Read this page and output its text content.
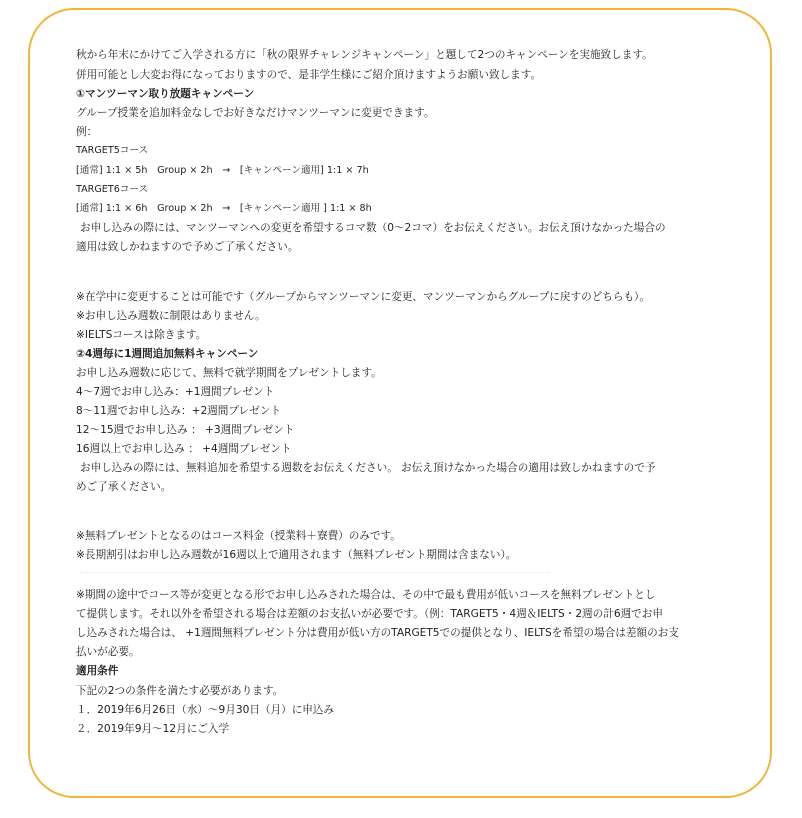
秋から年末にかけてご入学される方に「秋の限界チャレンジキャンペーン」と題して2つのキャンペーンを実施致します。
併用可能とし大変お得になっておりますので、是非学生様にご紹介頂けますようお願い致します。
①マンツーマン取り放題キャンペーン
グループ授業を追加料金なしでお好きなだけマンツーマンに変更できます。
例：
TARGET5コース
[通常] 1:1 × 5h　Group × 2h　→　[キャンペーン適用] 1:1 × 7h
TARGET6コース
[通常] 1:1 × 6h　Group × 2h　→　[キャンペーン適用 ] 1:1 × 8h
お申し込みの際には、マンツーマンへの変更を希望するコマ数（0〜2コマ）をお伝えください。お伝え頂けなかった場合の
適用は致しかねますので予めご了承ください。
※在学中に変更することは可能です（グループからマンツーマンに変更、マンツーマンからグループに戻すのどちらも）。
※お申し込み週数に制限はありません。
※IELTSコースは除きます。
②4週毎に1週間追加無料キャンペーン
お申し込み週数に応じて、無料で就学期間をプレゼントします。
4〜7週でお申し込み：+1週間プレゼント
8〜11週でお申し込み：+2週間プレゼント
12〜15週でお申し込み ： +3週間プレゼント
16週以上でお申し込み ： +4週間プレゼント
お申し込みの際には、無料追加を希望する週数をお伝えください。 お伝え頂けなかった場合の適用は致しかねますので予
めご了承ください。
※無料プレゼントとなるのはコース料金（授業料＋寮費）のみです。
※長期割引はお申し込み週数が16週以上で適用されます（無料プレゼント期間は含まない）。
※期間の途中でコース等が変更となる形でお申し込みされた場合は、その中で最も費用が低いコースを無料プレゼントとし
て提供します。それ以外を希望される場合は差額のお支払いが必要です。（例：TARGET5・4週＆IELTS・2週の計6週でお申
し込みされた場合は、 +1週間無料プレゼント分は費用が低い方のTARGET5での提供となり、IELTSを希望の場合は差額のお支
払いが必要。
適用条件
下記の2つの条件を満たす必要があります。
１．2019年6月26日（水）〜9月30日（月）に申込み
２．2019年9月〜12月にご入学
